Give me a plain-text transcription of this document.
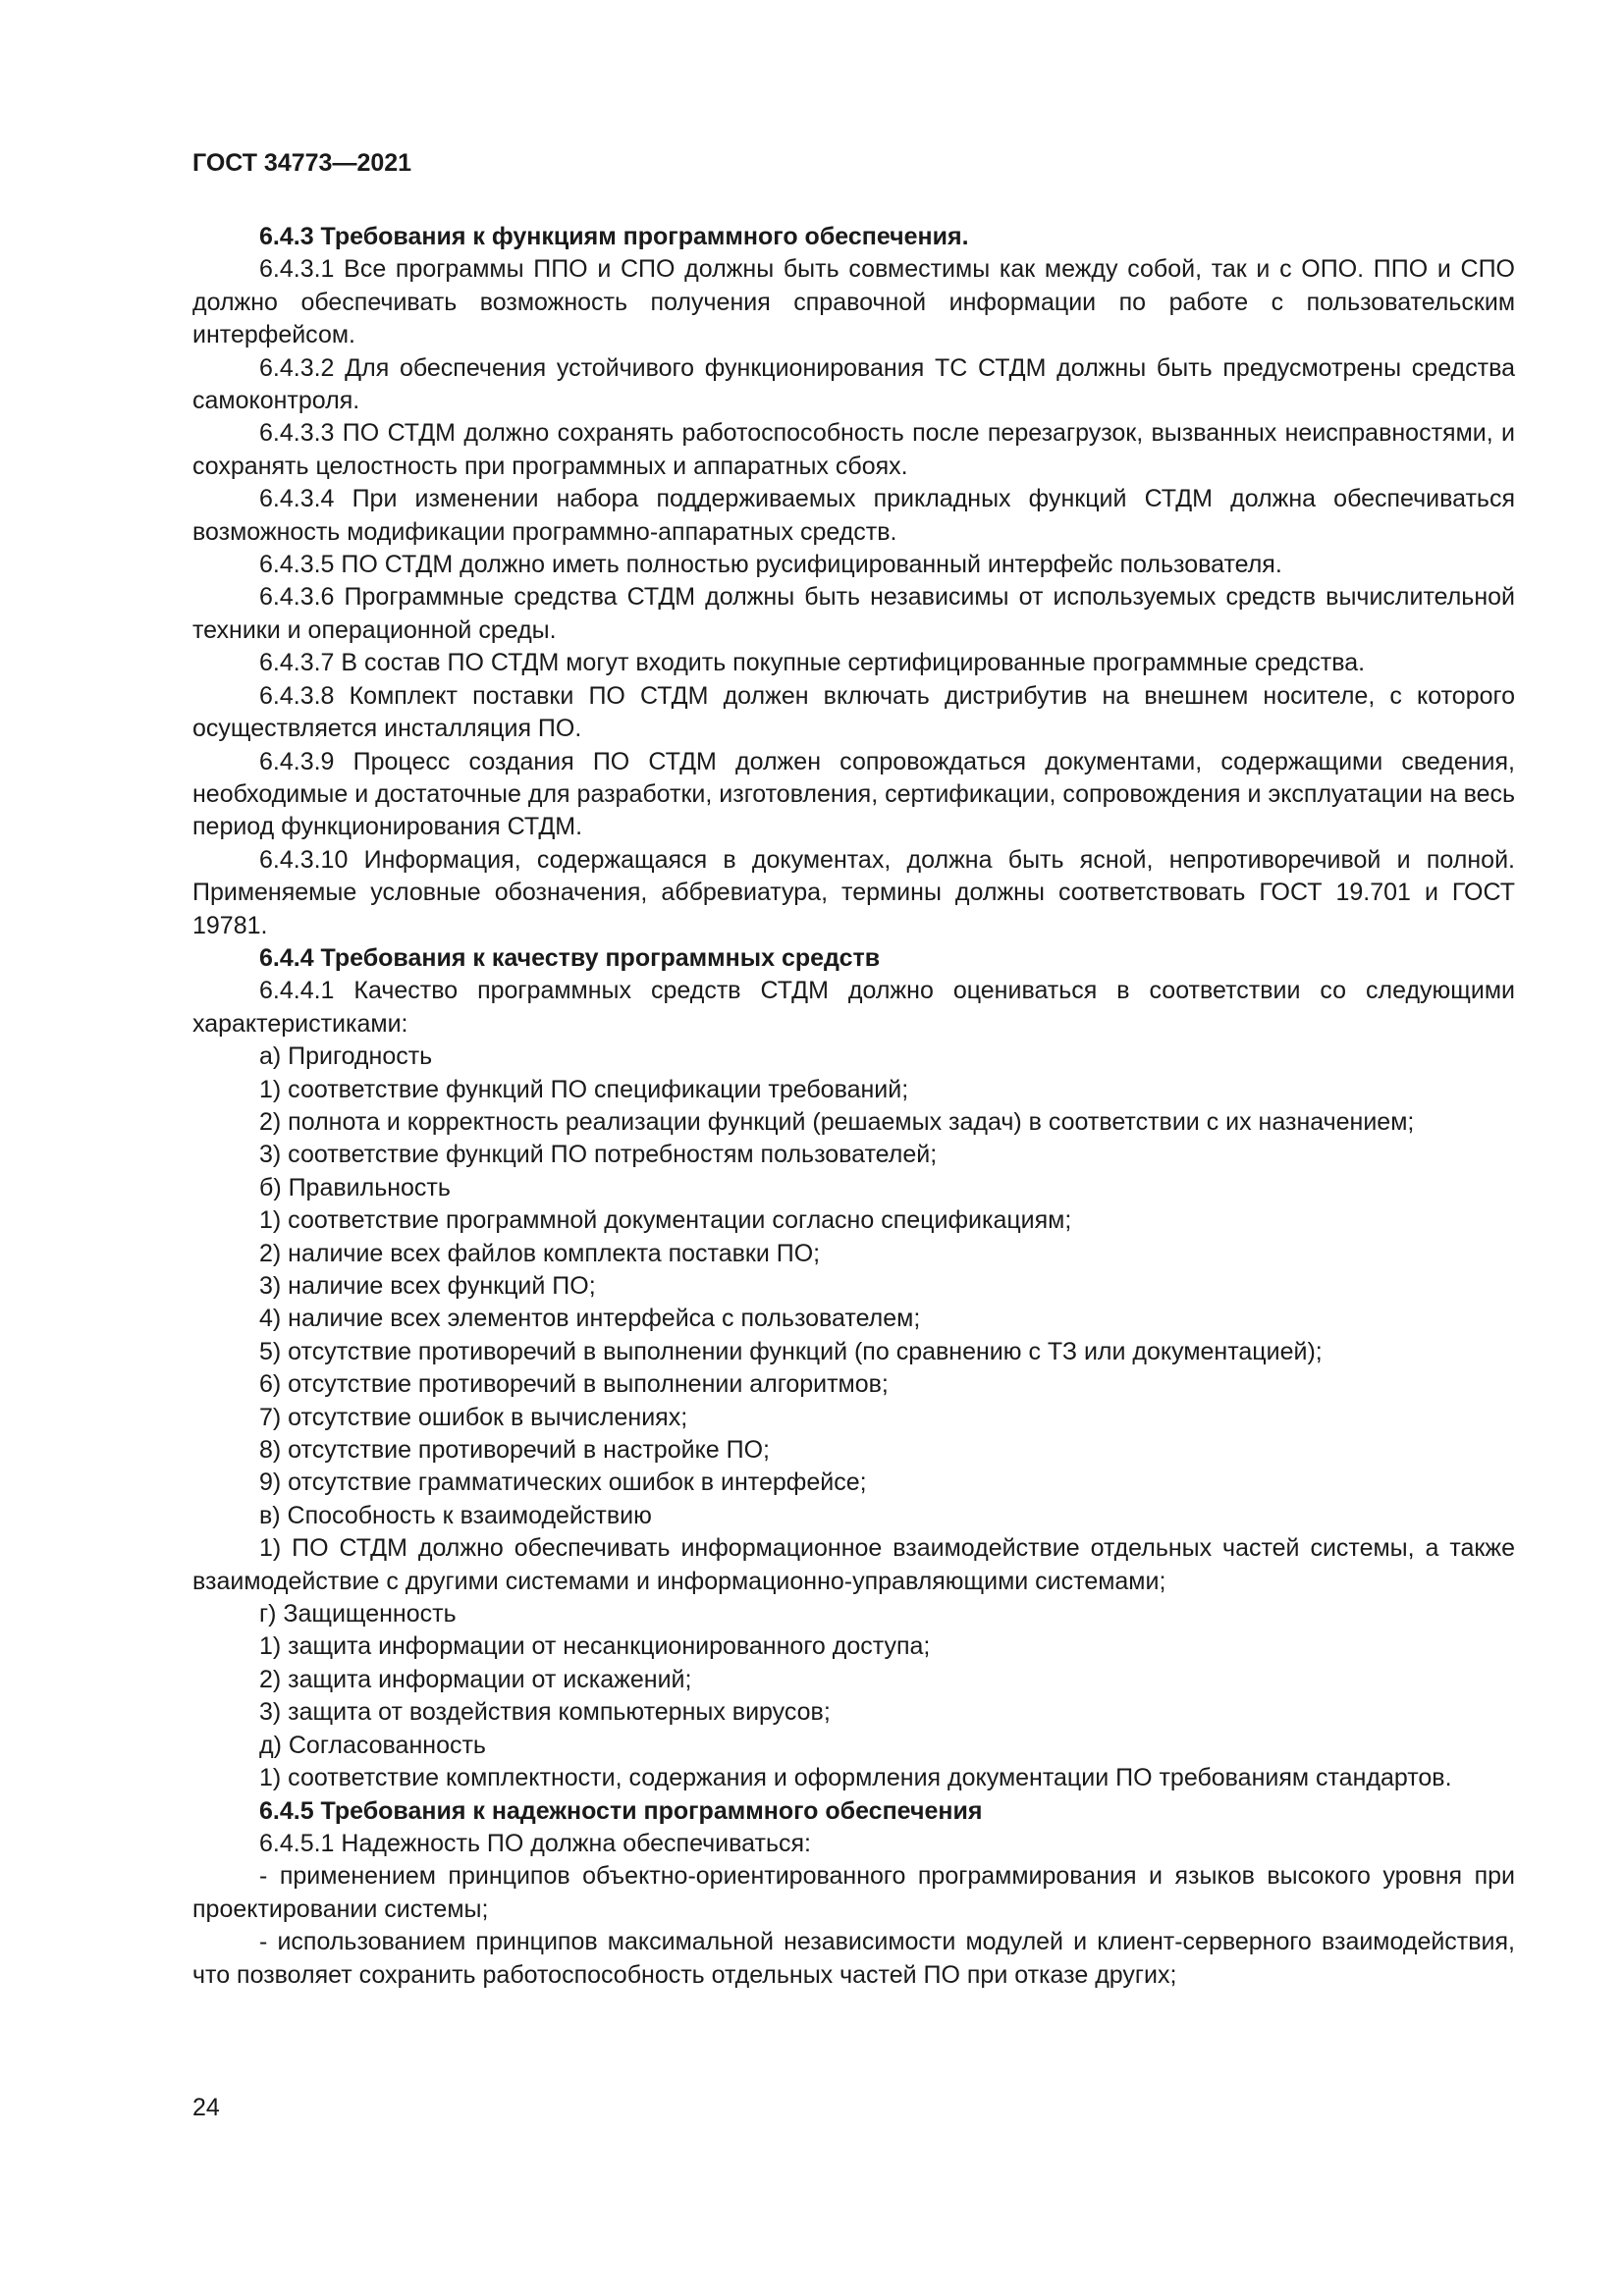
ГОСТ 34773—2021

6.4.3 Требования к функциям программного обеспечения.

6.4.3.1 Все программы ППО и СПО должны быть совместимы как между собой, так и с ОПО. ППО и СПО должно обеспечивать возможность получения справочной информации по работе с пользовательским интерфейсом.

6.4.3.2 Для обеспечения устойчивого функционирования ТС СТДМ должны быть предусмотрены средства самоконтроля.

6.4.3.3 ПО СТДМ должно сохранять работоспособность после перезагрузок, вызванных неисправностями, и сохранять целостность при программных и аппаратных сбоях.

6.4.3.4 При изменении набора поддерживаемых прикладных функций СТДМ должна обеспечиваться возможность модификации программно-аппаратных средств.

6.4.3.5 ПО СТДМ должно иметь полностью русифицированный интерфейс пользователя.

6.4.3.6 Программные средства СТДМ должны быть независимы от используемых средств вычислительной техники и операционной среды.

6.4.3.7 В состав ПО СТДМ могут входить покупные сертифицированные программные средства.

6.4.3.8 Комплект поставки ПО СТДМ должен включать дистрибутив на внешнем носителе, с которого осуществляется инсталляция ПО.

6.4.3.9 Процесс создания ПО СТДМ должен сопровождаться документами, содержащими сведения, необходимые и достаточные для разработки, изготовления, сертификации, сопровождения и эксплуатации на весь период функционирования СТДМ.

6.4.3.10 Информация, содержащаяся в документах, должна быть ясной, непротиворечивой и полной. Применяемые условные обозначения, аббревиатура, термины должны соответствовать ГОСТ 19.701 и ГОСТ 19781.

6.4.4 Требования к качеству программных средств

6.4.4.1 Качество программных средств СТДМ должно оцениваться в соответствии со следующими характеристиками:

а) Пригодность

1) соответствие функций ПО спецификации требований;

2) полнота и корректность реализации функций (решаемых задач) в соответствии с их назначением;

3) соответствие функций ПО потребностям пользователей;

б) Правильность

1) соответствие программной документации согласно спецификациям;

2) наличие всех файлов комплекта поставки ПО;

3) наличие всех функций ПО;

4) наличие всех элементов интерфейса с пользователем;

5) отсутствие противоречий в выполнении функций (по сравнению с ТЗ или документацией);

6) отсутствие противоречий в выполнении алгоритмов;

7) отсутствие ошибок в вычислениях;

8) отсутствие противоречий в настройке ПО;

9) отсутствие грамматических ошибок в интерфейсе;

в) Способность к взаимодействию

1) ПО СТДМ должно обеспечивать информационное взаимодействие отдельных частей системы, а также взаимодействие с другими системами и информационно-управляющими системами;

г) Защищенность

1) защита информации от несанкционированного доступа;

2) защита информации от искажений;

3) защита от воздействия компьютерных вирусов;

д) Согласованность

1) соответствие комплектности, содержания и оформления документации ПО требованиям стандартов.

6.4.5 Требования к надежности программного обеспечения

6.4.5.1 Надежность ПО должна обеспечиваться:

- применением принципов объектно-ориентированного программирования и языков высокого уровня при проектировании системы;

- использованием принципов максимальной независимости модулей и клиент-серверного взаимодействия, что позволяет сохранить работоспособность отдельных частей ПО при отказе других;

24
